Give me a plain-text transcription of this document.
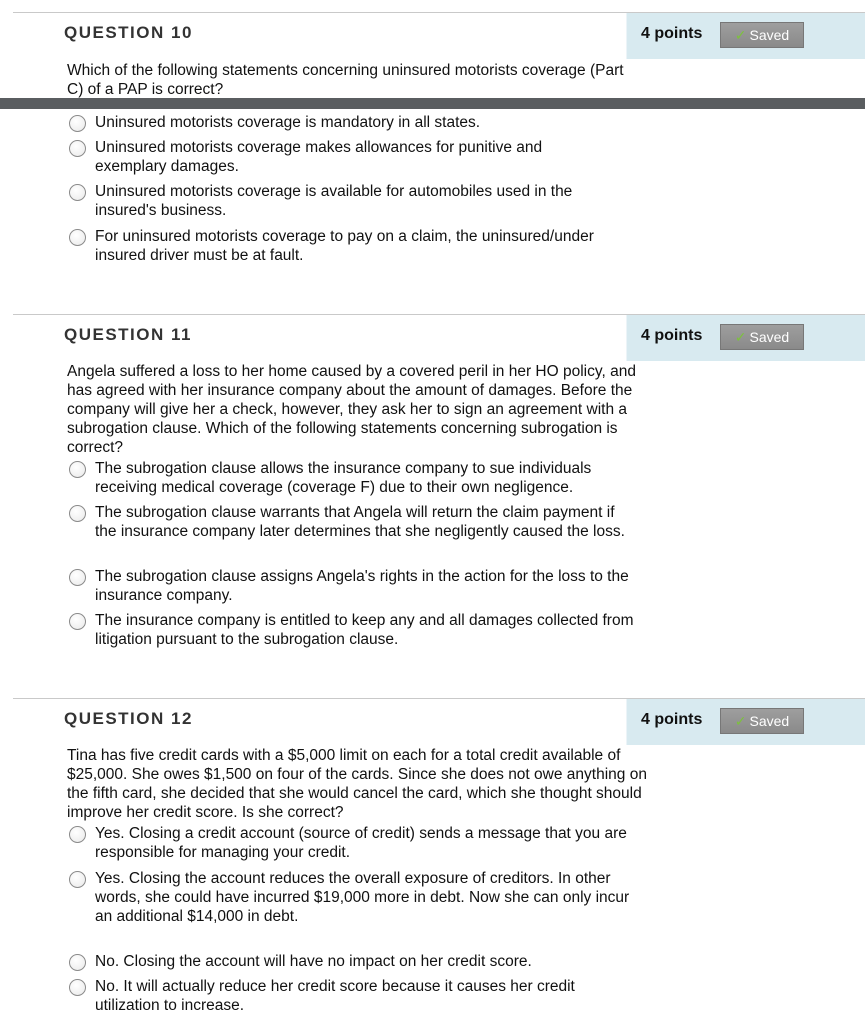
QUESTION 10	4 points ✓ Saved
Which of the following statements concerning uninsured motorists coverage (Part C) of a PAP is correct?
Uninsured motorists coverage is mandatory in all states.
Uninsured motorists coverage makes allowances for punitive and exemplary damages.
Uninsured motorists coverage is available for automobiles used in the insured's business.
For uninsured motorists coverage to pay on a claim, the uninsured/under insured driver must be at fault.
QUESTION 11	4 points ✓ Saved
Angela suffered a loss to her home caused by a covered peril in her HO policy, and has agreed with her insurance company about the amount of damages. Before the company will give her a check, however, they ask her to sign an agreement with a subrogation clause. Which of the following statements concerning subrogation is correct?
The subrogation clause allows the insurance company to sue individuals receiving medical coverage (coverage F) due to their own negligence.
The subrogation clause warrants that Angela will return the claim payment if the insurance company later determines that she negligently caused the loss.
The subrogation clause assigns Angela's rights in the action for the loss to the insurance company.
The insurance company is entitled to keep any and all damages collected from litigation pursuant to the subrogation clause.
QUESTION 12	4 points ✓ Saved
Tina has five credit cards with a $5,000 limit on each for a total credit available of $25,000. She owes $1,500 on four of the cards. Since she does not owe anything on the fifth card, she decided that she would cancel the card, which she thought should improve her credit score. Is she correct?
Yes. Closing a credit account (source of credit) sends a message that you are responsible for managing your credit.
Yes. Closing the account reduces the overall exposure of creditors. In other words, she could have incurred $19,000 more in debt. Now she can only incur an additional $14,000 in debt.
No. Closing the account will have no impact on her credit score.
No. It will actually reduce her credit score because it causes her credit utilization to increase.
